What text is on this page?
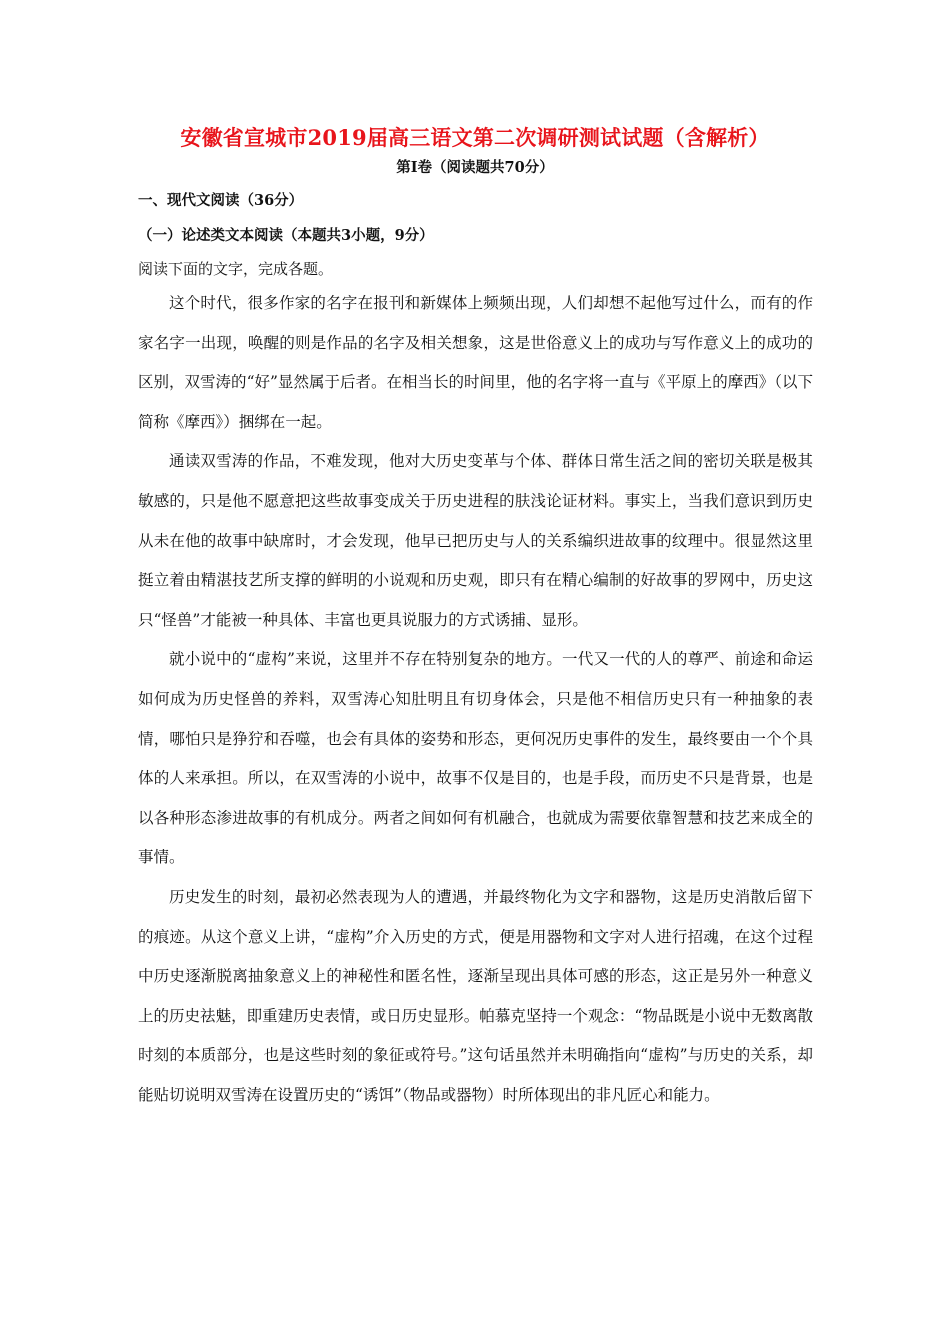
安徽省宣城市2019届高三语文第二次调研测试试题（含解析）
第I卷（阅读题共70分）
一、现代文阅读（36分）
（一）论述类文本阅读（本题共3小题，9分）
阅读下面的文字，完成各题。

这个时代，很多作家的名字在报刊和新媒体上频频出现，人们却想不起他写过什么，而有的作家名字一出现，唤醒的则是作品的名字及相关想象，这是世俗意义上的成功与写作意义上的成功的区别，双雪涛的“好”显然属于后者。在相当长的时间里，他的名字将一直与《平原上的摩西》（以下简称《摩西》）捆绑在一起。

通读双雪涛的作品，不难发现，他对大历史变革与个体、群体日常生活之间的密切关联是极其敏感的，只是他不愿意把这些故事变成关于历史进程的肤浅论证材料。事实上，当我们意识到历史从未在他的故事中缺席时，才会发现，他早已把历史与人的关系编织进故事的纹理中。很显然这里挺立着由精湛技艺所支撑的鲜明的小说观和历史观，即只有在精心编制的好故事的罗网中，历史这只“怪兽”才能被一种具体、丰富也更具说服力的方式诱捕、显形。

就小说中的“虚构”来说，这里并不存在特别复杂的地方。一代又一代的人的尊严、前途和命运如何成为历史怪兽的养料，双雪涛心知肚明且有切身体会，只是他不相信历史只有一种抽象的表情，哪怕只是狰狞和吞噬，也会有具体的姿势和形态，更何况历史事件的发生，最终要由一个个具体的人来承担。所以，在双雪涛的小说中，故事不仅是目的，也是手段，而历史不只是背景，也是以各种形态渗进故事的有机成分。两者之间如何有机融合，也就成为需要依靠智慧和技艺来成全的事情。

历史发生的时刻，最初必然表现为人的遭遇，并最终物化为文字和器物，这是历史消散后留下的痕迹。从这个意义上讲，“虚构”介入历史的方式，便是用器物和文字对人进行招魂，在这个过程中历史逐渐脱离抽象意义上的神秘性和匿名性，逐渐呈现出具体可感的形态，这正是另外一种意义上的历史祛魅，即重建历史表情，或日历史显形。帕慕克坚持一个观念：“物品既是小说中无数离散时刻的本质部分，也是这些时刻的象征或符号。”这句话虽然并未明确指向“虚构”与历史的关系，却能贴切说明双雪涛在设置历史的“诱饵”（物品或器物）时所体现出的非凡匠心和能力。
